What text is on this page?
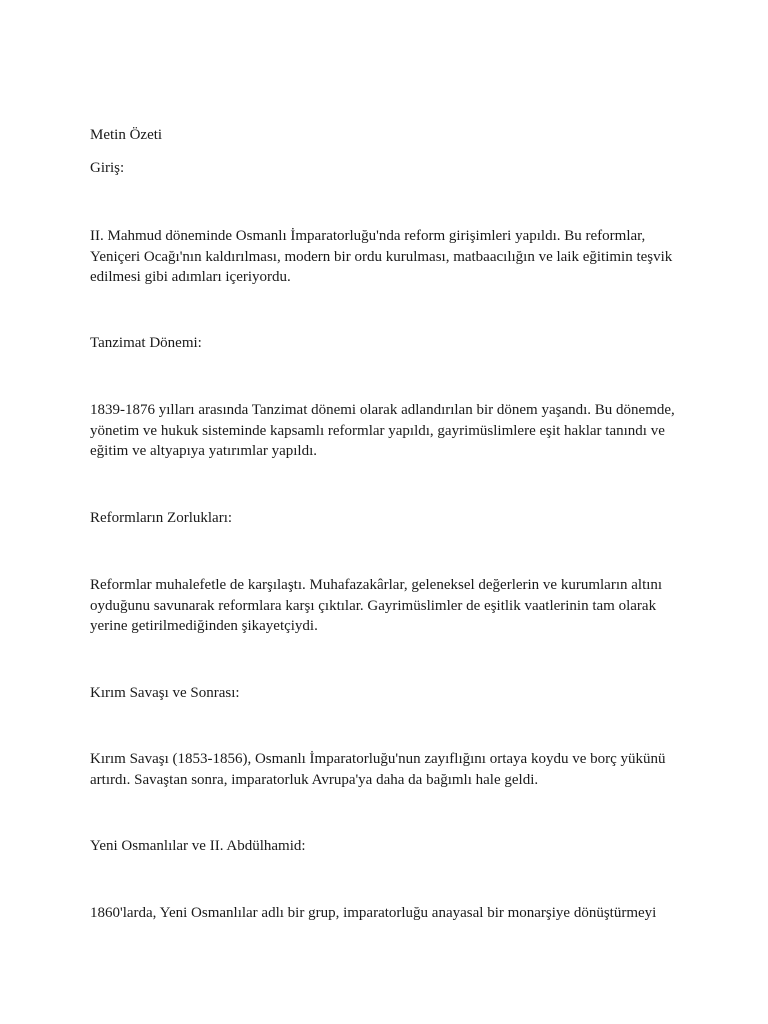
Metin Özeti

Giriş:

II. Mahmud döneminde Osmanlı İmparatorluğu'nda reform girişimleri yapıldı. Bu reformlar, Yeniçeri Ocağı'nın kaldırılması, modern bir ordu kurulması, matbaacılığın ve laik eğitimin teşvik edilmesi gibi adımları içeriyordu.

Tanzimat Dönemi:

1839-1876 yılları arasında Tanzimat dönemi olarak adlandırılan bir dönem yaşandı. Bu dönemde, yönetim ve hukuk sisteminde kapsamlı reformlar yapıldı, gayrimüslimlere eşit haklar tanındı ve eğitim ve altyapıya yatırımlar yapıldı.

Reformların Zorlukları:

Reformlar muhalefetle de karşılaştı. Muhafazakârlar, geleneksel değerlerin ve kurumların altını oyduğunu savunarak reformlara karşı çıktılar. Gayrimüslimler de eşitlik vaatlerinin tam olarak yerine getirilmediğinden şikayetçiydi.

Kırım Savaşı ve Sonrası:

Kırım Savaşı (1853-1856), Osmanlı İmparatorluğu'nun zayıflığını ortaya koydu ve borç yükünü artırdı. Savaştan sonra, imparatorluk Avrupa'ya daha da bağımlı hale geldi.

Yeni Osmanlılar ve II. Abdülhamid:

1860'larda, Yeni Osmanlılar adlı bir grup, imparatorluğu anayasal bir monarşiye dönüştürmeyi
